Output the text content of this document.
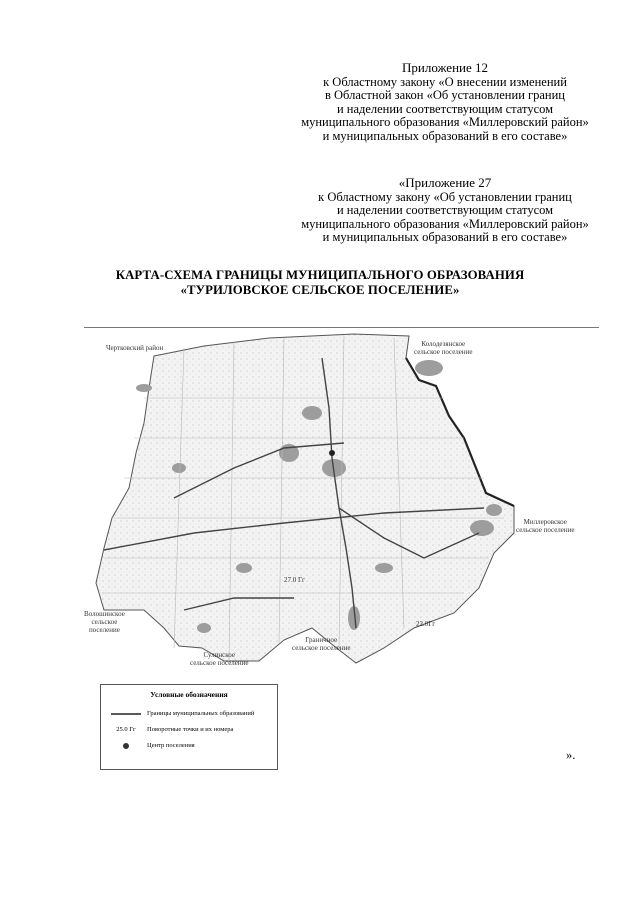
Приложение 12
к Областному закону «О внесении изменений
в Областной закон «Об установлении границ
и наделении соответствующим статусом
муниципального образования «Миллеровский район»
и муниципальных образований в его составе»
«Приложение 27
к Областному закону «Об установлении границ
и наделении соответствующим статусом
муниципального образования «Миллеровский район»
и муниципальных образований в его составе»
КАРТА-СХЕМА ГРАНИЦЫ МУНИЦИПАЛЬНОГО ОБРАЗОВАНИЯ
«ТУРИЛОВСКОЕ СЕЛЬСКОЕ ПОСЕЛЕНИЕ»
Чертковский район	Колодезянское
сельское поселение
Миллеровское
сельское поселение
Волошинское
сельское
поселение
Граничное
сельское поселение
Сулинское
сельское поселение
27.0 Гг
22.0Гг
Условные обозначения
Границы муниципальных образований
25.0 Гг	Поворотные точки и их номера
Центр поселения
».
